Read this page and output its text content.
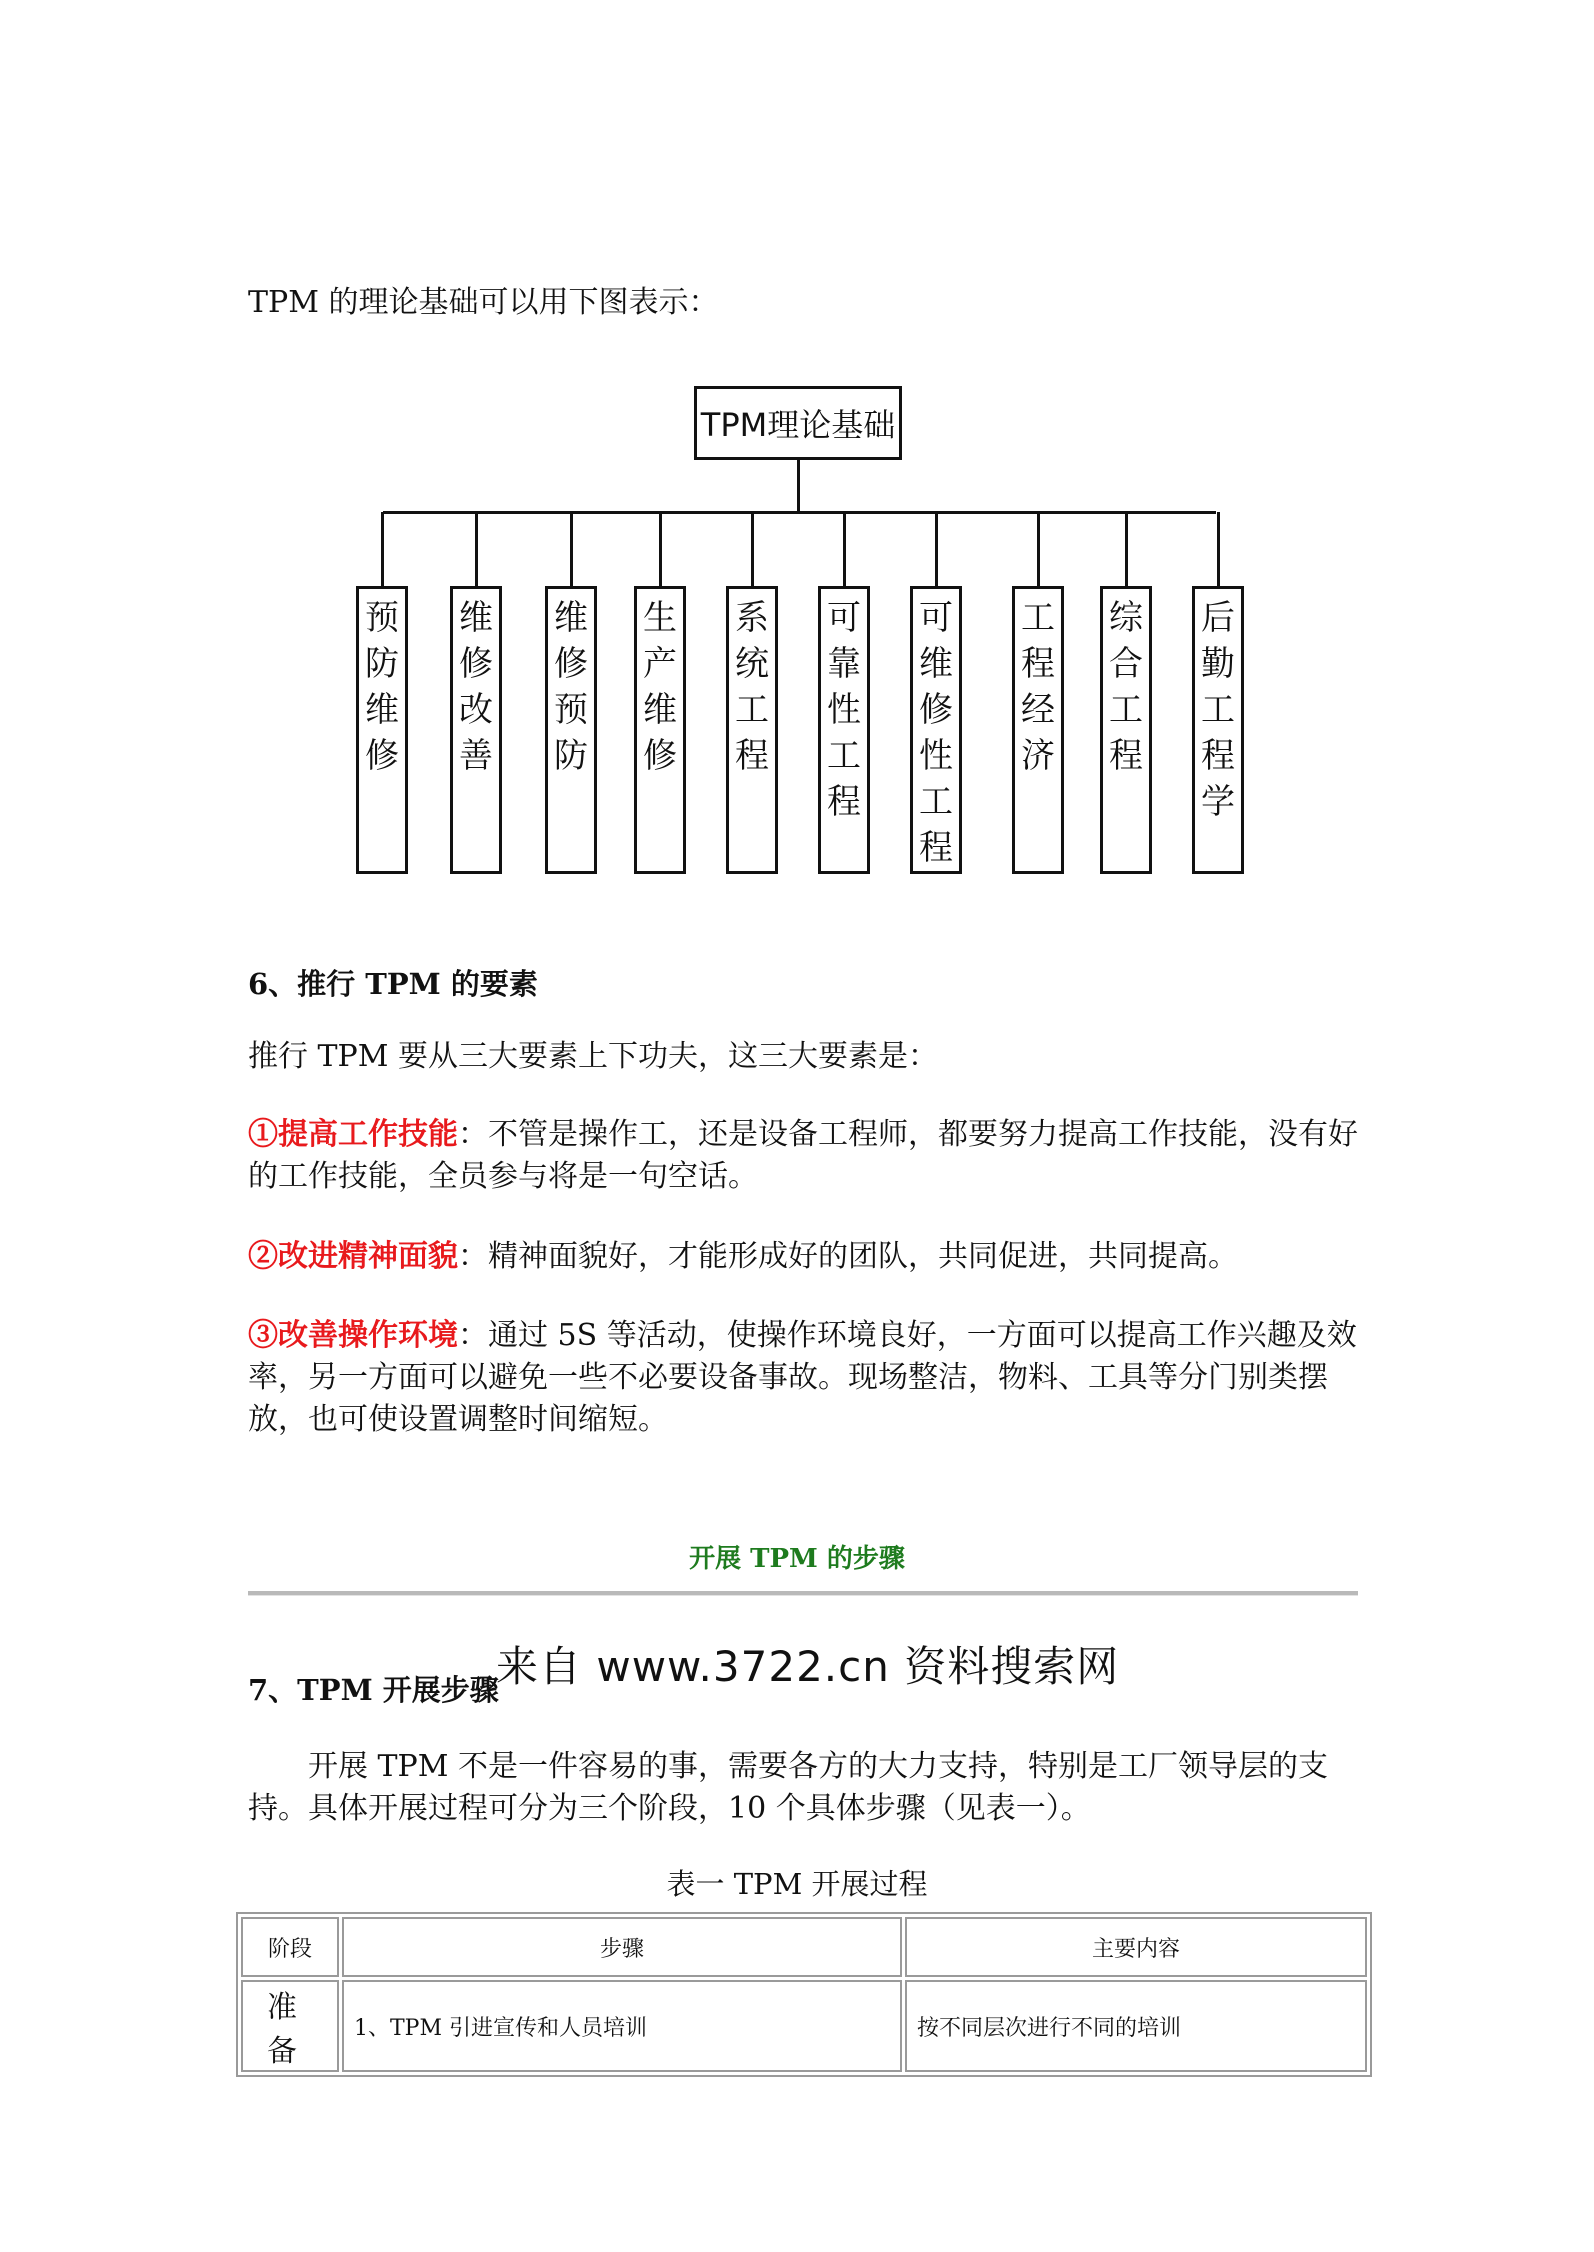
TPM 的理论基础可以用下图表示：
TPM理论基础
预防维修
维修改善
维修预防
生产维修
系统工程
可靠性工程
可维修性工程
工程经济
综合工程
后勤工程学
6、推行 TPM 的要素
推行 TPM 要从三大要素上下功夫，这三大要素是：
①提高工作技能：不管是操作工，还是设备工程师，都要努力提高工作技能，没有好的工作技能，全员参与将是一句空话。
②改进精神面貌：精神面貌好，才能形成好的团队，共同促进，共同提高。
③改善操作环境：通过 5S 等活动，使操作环境良好，一方面可以提高工作兴趣及效率，另一方面可以避免一些不必要设备事故。现场整洁，物料、工具等分门别类摆放，也可使设置调整时间缩短。
开展 TPM 的步骤
7、TPM 开展步骤
来自 www.3722.cn 资料搜索网
　　开展 TPM 不是一件容易的事，需要各方的大力支持，特别是工厂领导层的支持。具体开展过程可分为三个阶段，10 个具体步骤（见表一）。
表一 TPM 开展过程
阶段	步骤	主要内容
准 备	1、TPM 引进宣传和人员培训	按不同层次进行不同的培训
